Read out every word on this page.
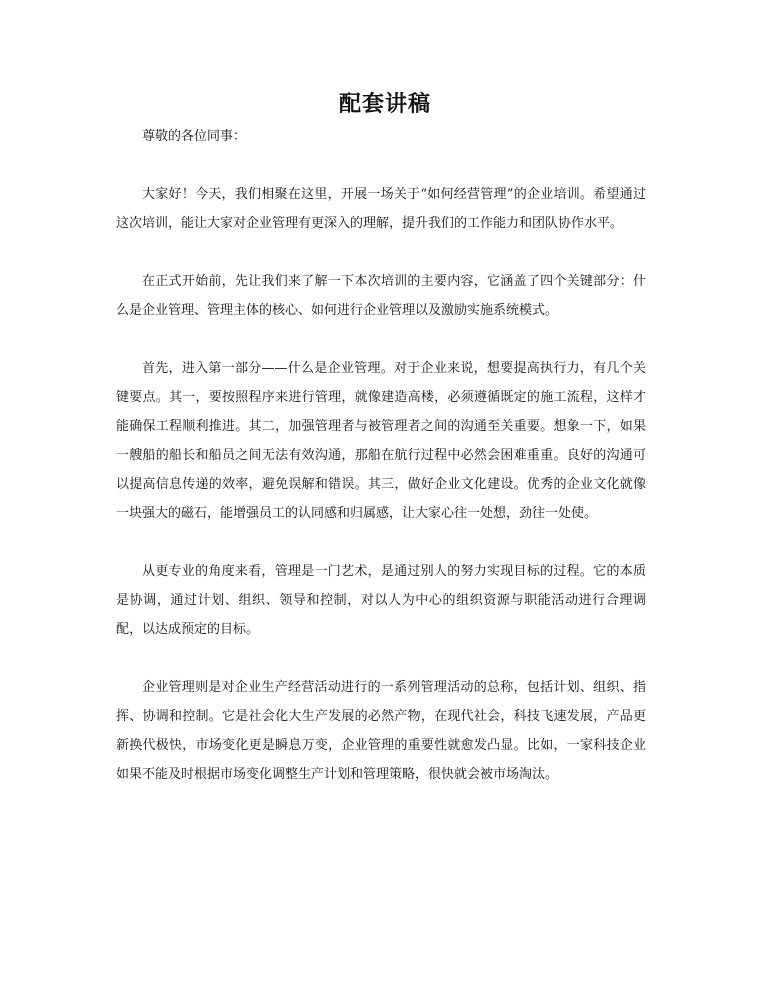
配套讲稿

尊敬的各位同事：

大家好！今天，我们相聚在这里，开展一场关于“如何经营管理”的企业培训。希望通过这次培训，能让大家对企业管理有更深入的理解，提升我们的工作能力和团队协作水平。

在正式开始前，先让我们来了解一下本次培训的主要内容，它涵盖了四个关键部分：什么是企业管理、管理主体的核心、如何进行企业管理以及激励实施系统模式。

首先，进入第一部分——什么是企业管理。对于企业来说，想要提高执行力，有几个关键要点。其一，要按照程序来进行管理，就像建造高楼，必须遵循既定的施工流程，这样才能确保工程顺利推进。其二，加强管理者与被管理者之间的沟通至关重要。想象一下，如果一艘船的船长和船员之间无法有效沟通，那船在航行过程中必然会困难重重。良好的沟通可以提高信息传递的效率，避免误解和错误。其三，做好企业文化建设。优秀的企业文化就像一块强大的磁石，能增强员工的认同感和归属感，让大家心往一处想，劲往一处使。

从更专业的角度来看，管理是一门艺术，是通过别人的努力实现目标的过程。它的本质是协调，通过计划、组织、领导和控制，对以人为中心的组织资源与职能活动进行合理调配，以达成预定的目标。

企业管理则是对企业生产经营活动进行的一系列管理活动的总称，包括计划、组织、指挥、协调和控制。它是社会化大生产发展的必然产物，在现代社会，科技飞速发展，产品更新换代极快，市场变化更是瞬息万变，企业管理的重要性就愈发凸显。比如，一家科技企业如果不能及时根据市场变化调整生产计划和管理策略，很快就会被市场淘汰。
